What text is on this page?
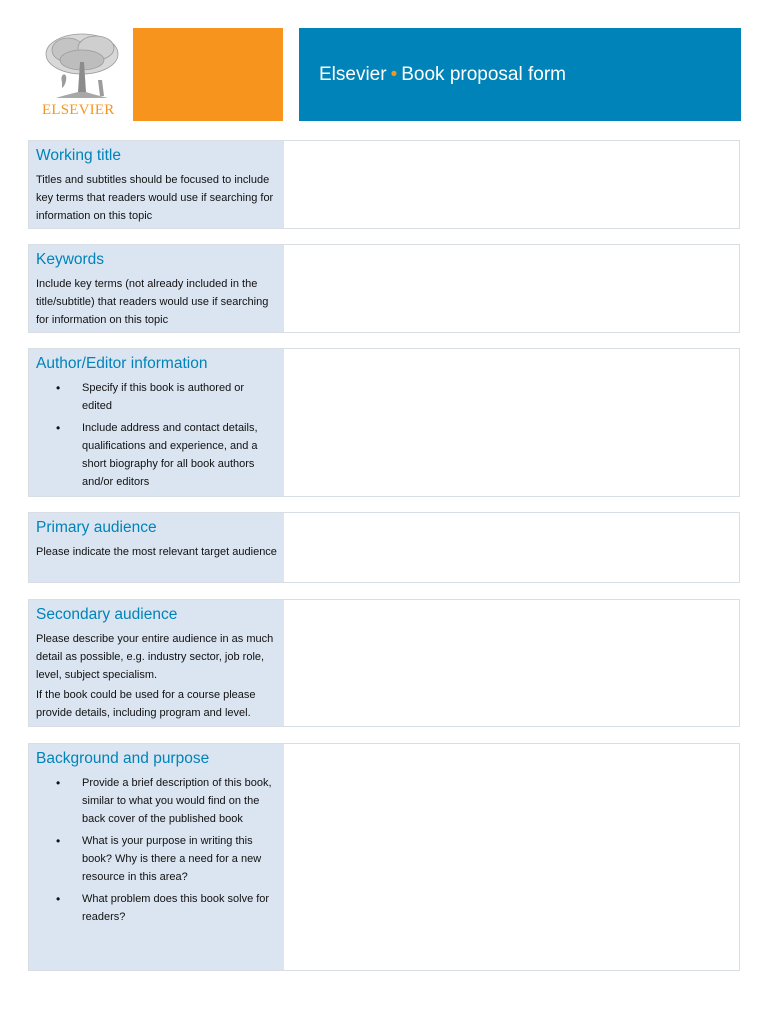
ELSEVIER
Elsevier • Book proposal form
Working title
Titles and subtitles should be focused to include key terms that readers would use if searching for information on this topic
Keywords
Include key terms (not already included in the title/subtitle) that readers would use if searching for information on this topic
Author/Editor information
• Specify if this book is authored or edited
• Include address and contact details, qualifications and experience, and a short biography for all book authors and/or editors
Primary audience
Please indicate the most relevant target audience
Secondary audience

Please describe your entire audience in as much detail as possible, e.g. industry sector, job role, level, subject specialism.

If the book could be used for a course please provide details, including program and level.

Background and purpose
• Provide a brief description of this book, similar to what you would find on the back cover of the published book
• What is your purpose in writing this book? Why is there a need for a new resource in this area?
• What problem does this book solve for readers?
